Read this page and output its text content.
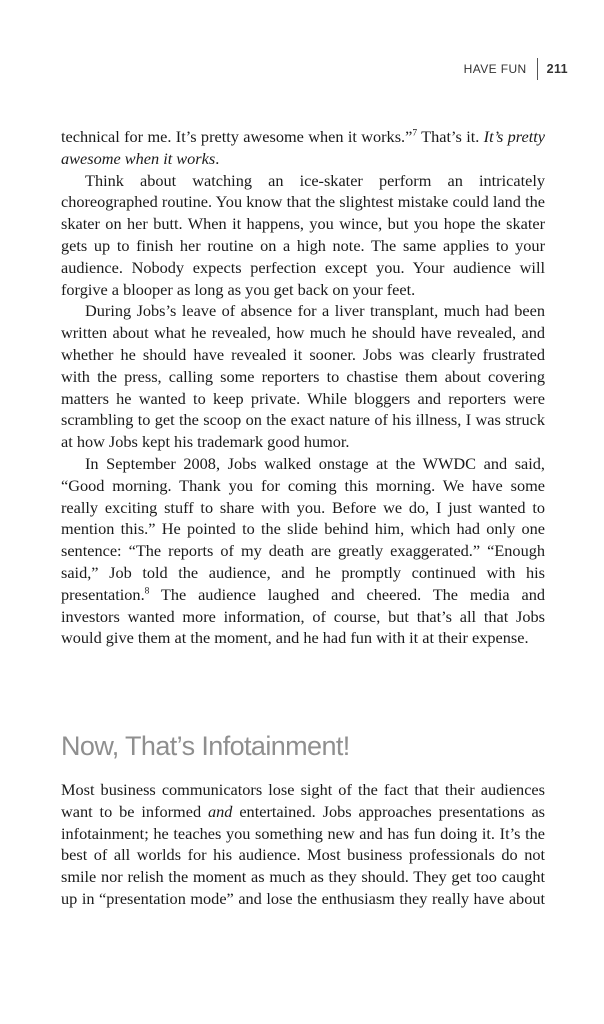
HAVE FUN 211

technical for me. It’s pretty awesome when it works.”$^7$ That’s it. It’s pretty awesome when it works.

Think about watching an ice-skater perform an intricately choreographed routine. You know that the slightest mistake could land the skater on her butt. When it happens, you wince, but you hope the skater gets up to finish her routine on a high note. The same applies to your audience. Nobody expects perfection except you. Your audience will forgive a blooper as long as you get back on your feet.

During Jobs’s leave of absence for a liver transplant, much had been written about what he revealed, how much he should have revealed, and whether he should have revealed it sooner. Jobs was clearly frustrated with the press, calling some reporters to chastise them about covering matters he wanted to keep private. While bloggers and reporters were scrambling to get the scoop on the exact nature of his illness, I was struck at how Jobs kept his trademark good humor.

In September 2008, Jobs walked onstage at the WWDC and said, “Good morning. Thank you for coming this morning. We have some really exciting stuff to share with you. Before we do, I just wanted to mention this.” He pointed to the slide behind him, which had only one sentence: “The reports of my death are greatly exaggerated.” “Enough said,” Job told the audience, and he promptly continued with his presentation.$^8$ The audience laughed and cheered. The media and investors wanted more information, of course, but that’s all that Jobs would give them at the moment, and he had fun with it at their expense.

Now, That’s Infotainment!

Most business communicators lose sight of the fact that their audiences want to be informed and entertained. Jobs approaches presentations as infotainment; he teaches you something new and has fun doing it. It’s the best of all worlds for his audience. Most business professionals do not smile nor relish the moment as much as they should. They get too caught up in “presentation mode” and lose the enthusiasm they really have about
